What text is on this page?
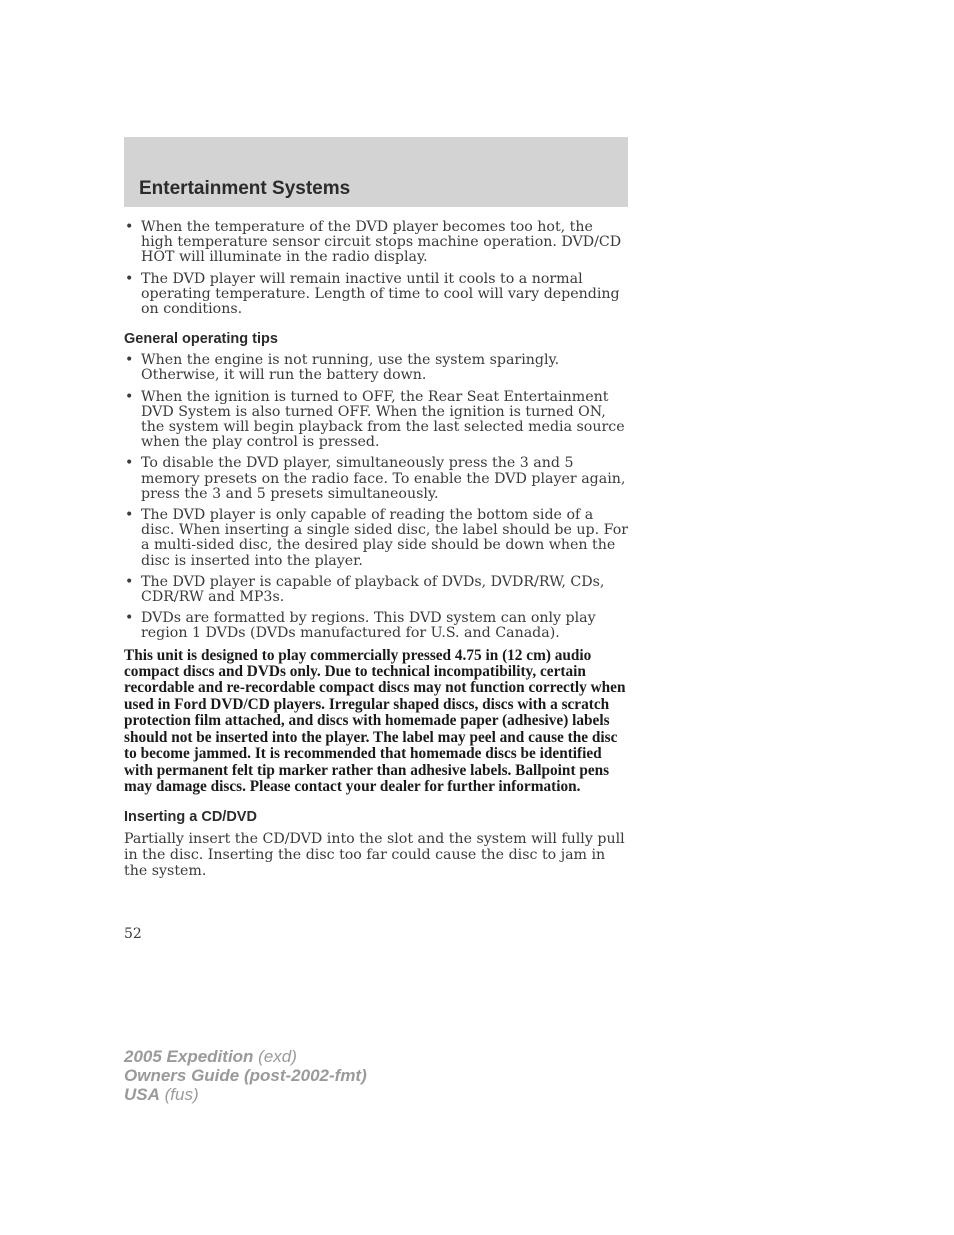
Entertainment Systems
• When the temperature of the DVD player becomes too hot, the high temperature sensor circuit stops machine operation. DVD/CD HOT will illuminate in the radio display.
• The DVD player will remain inactive until it cools to a normal operating temperature. Length of time to cool will vary depending on conditions.
General operating tips
• When the engine is not running, use the system sparingly. Otherwise, it will run the battery down.
• When the ignition is turned to OFF, the Rear Seat Entertainment DVD System is also turned OFF. When the ignition is turned ON, the system will begin playback from the last selected media source when the play control is pressed.
• To disable the DVD player, simultaneously press the 3 and 5 memory presets on the radio face. To enable the DVD player again, press the 3 and 5 presets simultaneously.
• The DVD player is only capable of reading the bottom side of a disc. When inserting a single sided disc, the label should be up. For a multi-sided disc, the desired play side should be down when the disc is inserted into the player.
• The DVD player is capable of playback of DVDs, DVDR/RW, CDs, CDR/RW and MP3s.
• DVDs are formatted by regions. This DVD system can only play region 1 DVDs (DVDs manufactured for U.S. and Canada).

This unit is designed to play commercially pressed 4.75 in (12 cm) audio compact discs and DVDs only. Due to technical incompatibility, certain recordable and re-recordable compact discs may not function correctly when used in Ford DVD/CD players. Irregular shaped discs, discs with a scratch protection film attached, and discs with homemade paper (adhesive) labels should not be inserted into the player. The label may peel and cause the disc to become jammed. It is recommended that homemade discs be identified with permanent felt tip marker rather than adhesive labels. Ballpoint pens may damage discs. Please contact your dealer for further information.

Inserting a CD/DVD

Partially insert the CD/DVD into the slot and the system will fully pull in the disc. Inserting the disc too far could cause the disc to jam in the system.

52
2005 Expedition (exd)
Owners Guide (post-2002-fmt)
USA (fus)
